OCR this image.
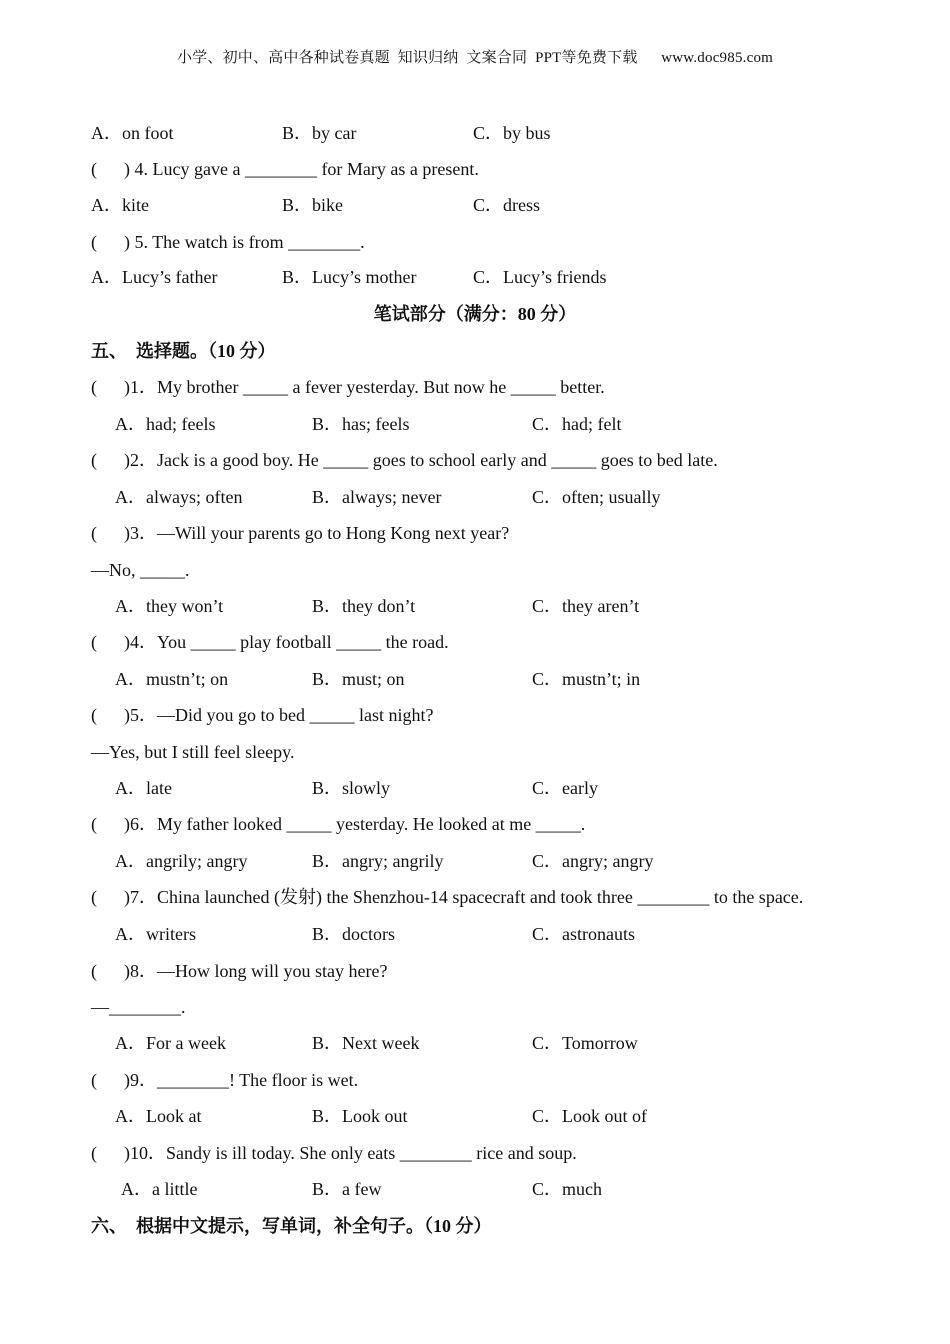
小学、初中、高中各种试卷真题  知识归纳  文案合同  PPT等免费下载      www.doc985.com
A．on foot	B．by car	C．by bus
(      ) 4. Lucy gave a ________ for Mary as a present.
A．kite	B．bike	C．dress
(      ) 5. The watch is from ________.
A．Lucy’s father	B．Lucy’s mother	C．Lucy’s friends
笔试部分（满分：80 分）
五、  选择题。（10 分）
(      )1．My brother _____ a fever yesterday. But now he _____ better.
A．had; feels	B．has; feels	C．had; felt
(      )2．Jack is a good boy. He _____ goes to school early and _____ goes to bed late.
A．always; often	B．always; never	C．often; usually
(      )3．—Will your parents go to Hong Kong next year?
—No, _____.
A．they won’t	B．they don’t	C．they aren’t
(      )4．You _____ play football _____ the road.
A．mustn’t; on	B．must; on	C．mustn’t; in
(      )5．—Did you go to bed _____ last night?
—Yes, but I still feel sleepy.
A．late	B．slowly	C．early
(      )6．My father looked _____ yesterday. He looked at me _____.
A．angrily; angry	B．angry; angrily	C．angry; angry
(      )7．China launched (发射) the Shenzhou-14 spacecraft and took three ________ to the space.
A．writers	B．doctors	C．astronauts
(      )8．—How long will you stay here?
—________.
A．For a week	B．Next week	C．Tomorrow
(      )9．________! The floor is wet.
A．Look at	B．Look out	C．Look out of
(      )10．Sandy is ill today. She only eats ________ rice and soup.
A．a little	B．a few	C．much
六、  根据中文提示，写单词，补全句子。（10 分）
